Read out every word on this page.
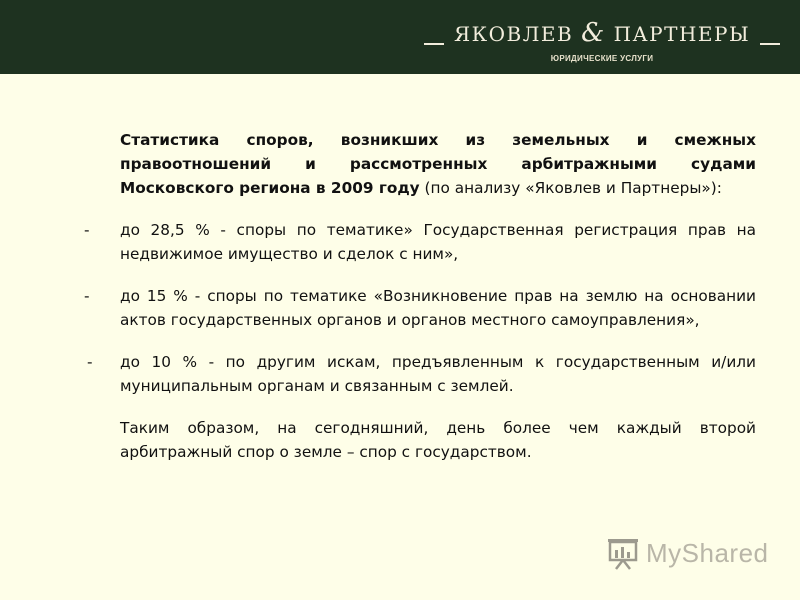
ЯКОВЛЕВ & ПАРТНЕРЫ
ЮРИДИЧЕСКИЕ УСЛУГИ
Статистика споров, возникших из земельных и смежных правоотношений и рассмотренных арбитражными судами Московского региона в 2009 году (по анализу «Яковлев и Партнеры»):
- до 28,5 % - споры по тематике» Государственная регистрация прав на недвижимое имущество и сделок с ним»,
- до 15 % - споры по тематике «Возникновение прав на землю на основании актов государственных органов и органов местного самоуправления»,
- до 10 % - по другим искам, предъявленным к государственным и/или муниципальным органам и связанным с землей.
Таким образом, на сегодняшний, день более чем каждый второй арбитражный спор о земле – спор с государством.
MyShared
